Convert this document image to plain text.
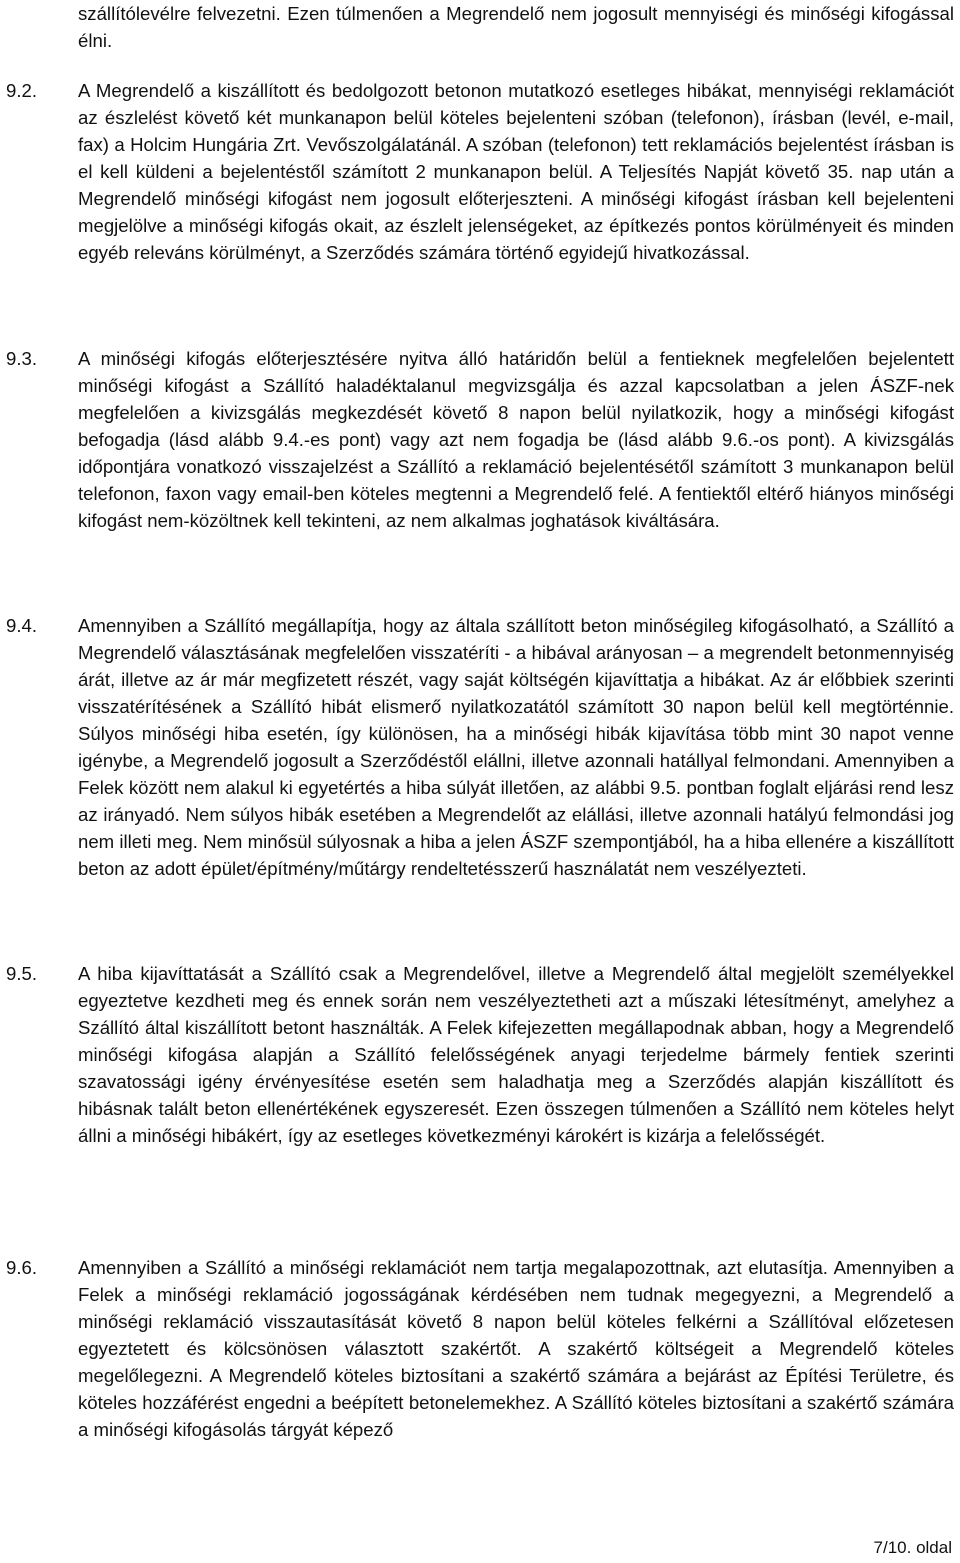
szállítólevélre felvezetni. Ezen túlmenően a Megrendelő nem jogosult mennyiségi és minőségi kifogással élni.

9.2. A Megrendelő a kiszállított és bedolgozott betonon mutatkozó esetleges hibákat, mennyiségi reklamációt az észlelést követő két munkanapon belül köteles bejelenteni szóban (telefonon), írásban (levél, e-mail, fax) a Holcim Hungária Zrt. Vevőszolgálatánál. A szóban (telefonon) tett reklamációs bejelentést írásban is el kell küldeni a bejelentéstől számított 2 munkanapon belül. A Teljesítés Napját követő 35. nap után a Megrendelő minőségi kifogást nem jogosult előterjeszteni. A minőségi kifogást írásban kell bejelenteni megjelölve a minőségi kifogás okait, az észlelt jelenségeket, az építkezés pontos körülményeit és minden egyéb releváns körülményt, a Szerződés számára történő egyidejű hivatkozással.

9.3. A minőségi kifogás előterjesztésére nyitva álló határidőn belül a fentieknek megfelelően bejelentett minőségi kifogást a Szállító haladéktalanul megvizsgálja és azzal kapcsolatban a jelen ÁSZF-nek megfelelően a kivizsgálás megkezdését követő 8 napon belül nyilatkozik, hogy a minőségi kifogást befogadja (lásd alább 9.4.-es pont) vagy azt nem fogadja be (lásd alább 9.6.-os pont). A kivizsgálás időpontjára vonatkozó visszajelzést a Szállító a reklamáció bejelentésétől számított 3 munkanapon belül telefonon, faxon vagy email-ben köteles megtenni a Megrendelő felé. A fentiektől eltérő hiányos minőségi kifogást nem-közöltnek kell tekinteni, az nem alkalmas joghatások kiváltására.

9.4. Amennyiben a Szállító megállapítja, hogy az általa szállított beton minőségileg kifogásolható, a Szállító a Megrendelő választásának megfelelően visszatéríti - a hibával arányosan – a megrendelt betonmennyiség árát, illetve az ár már megfizetett részét, vagy saját költségén kijavíttatja a hibákat. Az ár előbbiek szerinti visszatérítésének a Szállító hibát elismerő nyilatkozatától számított 30 napon belül kell megtörténnie. Súlyos minőségi hiba esetén, így különösen, ha a minőségi hibák kijavítása több mint 30 napot venne igénybe, a Megrendelő jogosult a Szerződéstől elállni, illetve azonnali hatállyal felmondani. Amennyiben a Felek között nem alakul ki egyetértés a hiba súlyát illetően, az alábbi 9.5. pontban foglalt eljárási rend lesz az irányadó. Nem súlyos hibák esetében a Megrendelőt az elállási, illetve azonnali hatályú felmondási jog nem illeti meg. Nem minősül súlyosnak a hiba a jelen ÁSZF szempontjából, ha a hiba ellenére a kiszállított beton az adott épület/építmény/műtárgy rendeltetésszerű használatát nem veszélyezteti.

9.5. A hiba kijavíttatását a Szállító csak a Megrendelővel, illetve a Megrendelő által megjelölt személyekkel egyeztetve kezdheti meg és ennek során nem veszélyeztetheti azt a műszaki létesítményt, amelyhez a Szállító által kiszállított betont használták. A Felek kifejezetten megállapodnak abban, hogy a Megrendelő minőségi kifogása alapján a Szállító felelősségének anyagi terjedelme bármely fentiek szerinti szavatossági igény érvényesítése esetén sem haladhatja meg a Szerződés alapján kiszállított és hibásnak talált beton ellenértékének egyszeresét. Ezen összegen túlmenően a Szállító nem köteles helyt állni a minőségi hibákért, így az esetleges következményi károkért is kizárja a felelősségét.

9.6. Amennyiben a Szállító a minőségi reklamációt nem tartja megalapozottnak, azt elutasítja. Amennyiben a Felek a minőségi reklamáció jogosságának kérdésében nem tudnak megegyezni, a Megrendelő a minőségi reklamáció visszautasítását követő 8 napon belül köteles felkérni a Szállítóval előzetesen egyeztetett és kölcsönösen választott szakértőt. A szakértő költségeit a Megrendelő köteles megelőlegezni. A Megrendelő köteles biztosítani a szakértő számára a bejárást az Építési Területre, és köteles hozzáférést engedni a beépített betonelemekhez. A Szállító köteles biztosítani a szakértő számára a minőségi kifogásolás tárgyát képező

7/10. oldal
